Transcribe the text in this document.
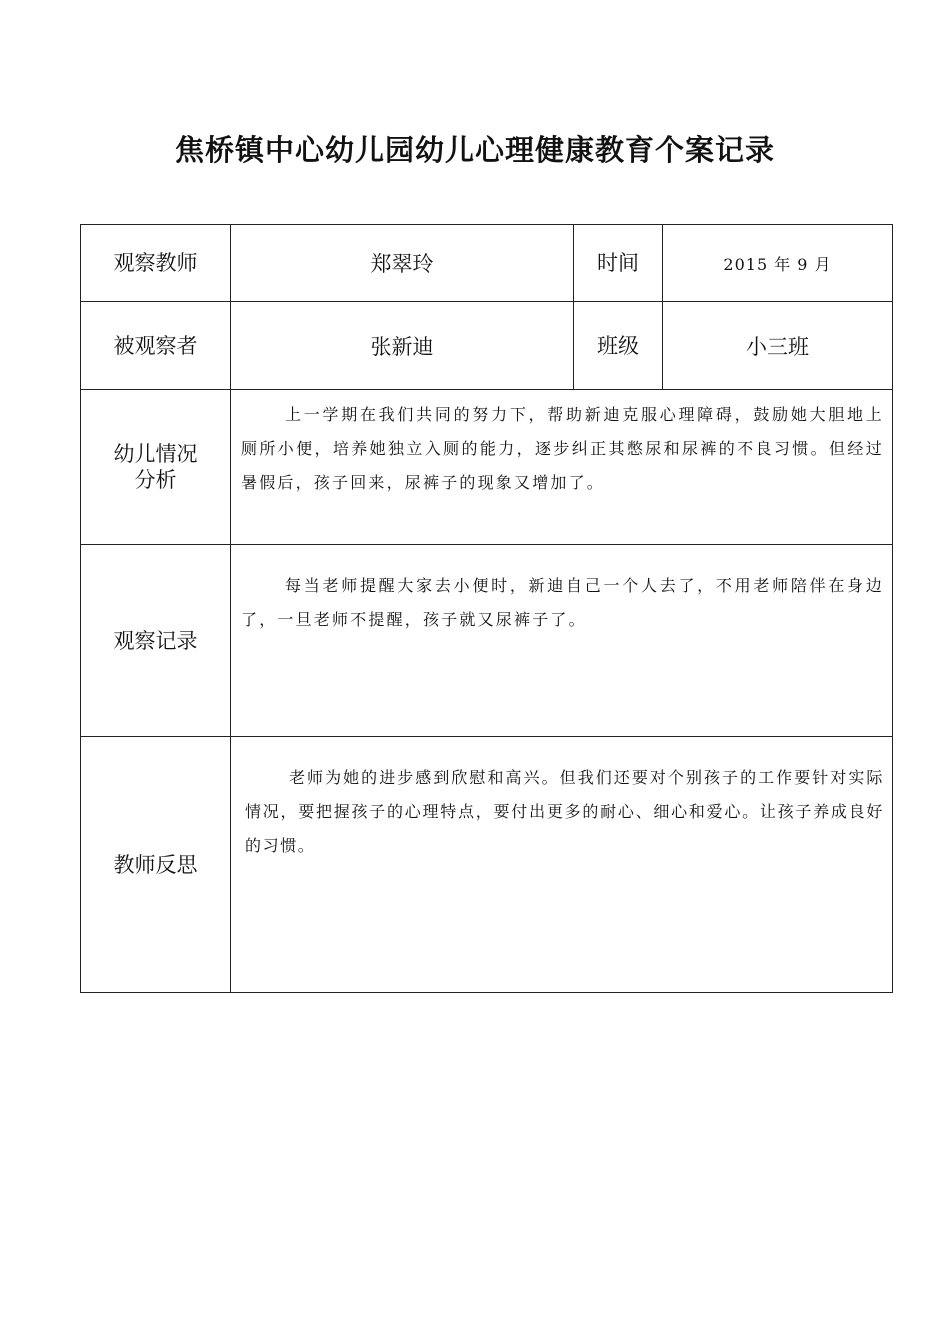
焦桥镇中心幼儿园幼儿心理健康教育个案记录
观察教师	郑翠玲	时间	2015 年 9 月
被观察者	张新迪	班级	小三班

幼儿情况
分析	上一学期在我们共同的努力下，帮助新迪克服心理障碍，鼓励她大胆地上厕所小便，培养她独立入厕的能力，逐步纠正其憋尿和尿裤的不良习惯。但经过暑假后，孩子回来，尿裤子的现象又增加了。		

观察记录	每当老师提醒大家去小便时，新迪自己一个人去了，不用老师陪伴在身边了，一旦老师不提醒，孩子就又尿裤子了。		

教师反思	老师为她的进步感到欣慰和高兴。但我们还要对个别孩子的工作要针对实际情况，要把握孩子的心理特点，要付出更多的耐心、细心和爱心。让孩子养成良好的习惯。		
